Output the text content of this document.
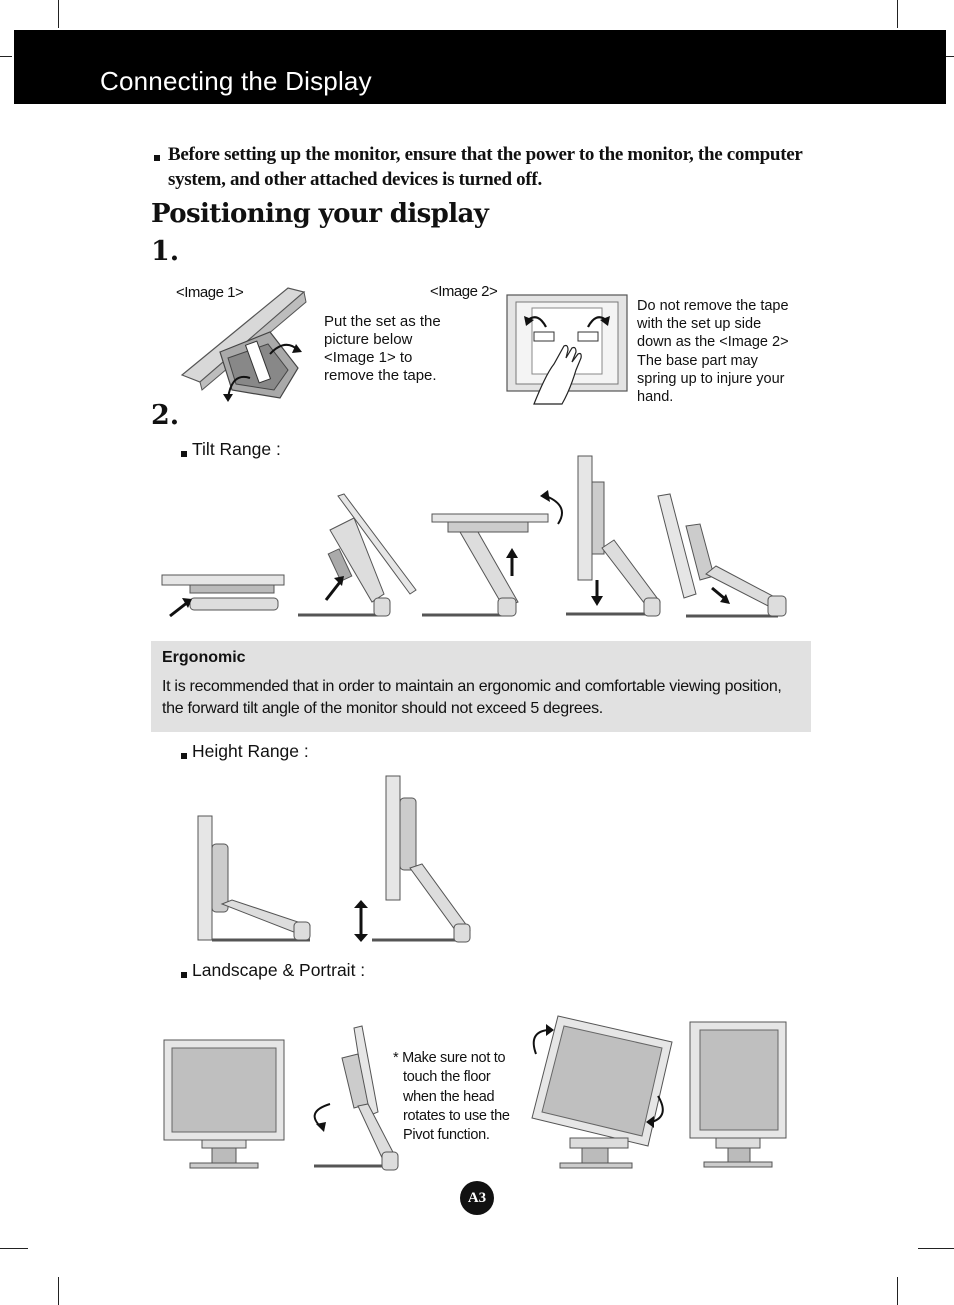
Connecting the Display
Before setting up the monitor, ensure that the power to the monitor, the computer system, and other attached devices is turned off.
Positioning your display
1.
<Image 1>
Put the set as the
picture below
<Image 1> to
remove the tape.
<Image 2>
Do not remove the tape
with the set up side
down as the <Image 2>
The base part may
spring up to injure your
hand.
2.
Tilt Range :
Ergonomic
It is recommended that in order to maintain an ergonomic and comfortable viewing position, the forward tilt angle of the monitor should not exceed 5 degrees.
Height Range :
Landscape & Portrait :
* Make sure not to
touch the floor
when the head
rotates to use the
Pivot function.
A3
